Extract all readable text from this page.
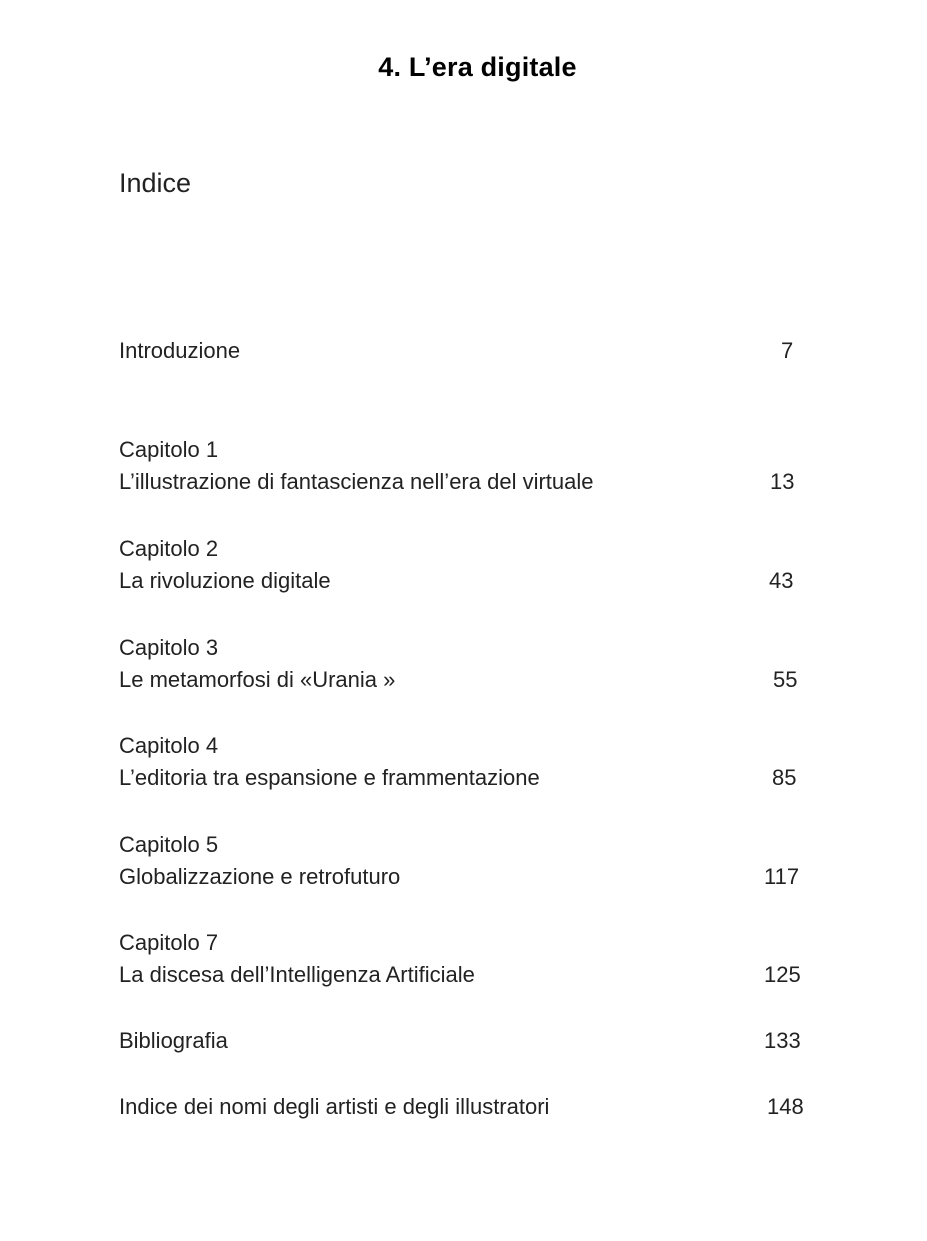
4. L’era digitale
Indice
Introduzione	7
Capitolo 1
L’illustrazione di fantascienza nell’era del virtuale	13
Capitolo 2
La rivoluzione digitale	43
Capitolo 3
Le metamorfosi di «Urania »	55
Capitolo 4
L’editoria tra espansione e frammentazione	85
Capitolo 5
Globalizzazione e retrofuturo	117
Capitolo 7
La discesa dell’Intelligenza Artificiale	125
Bibliografia	133
Indice dei nomi degli artisti e degli illustratori	148
